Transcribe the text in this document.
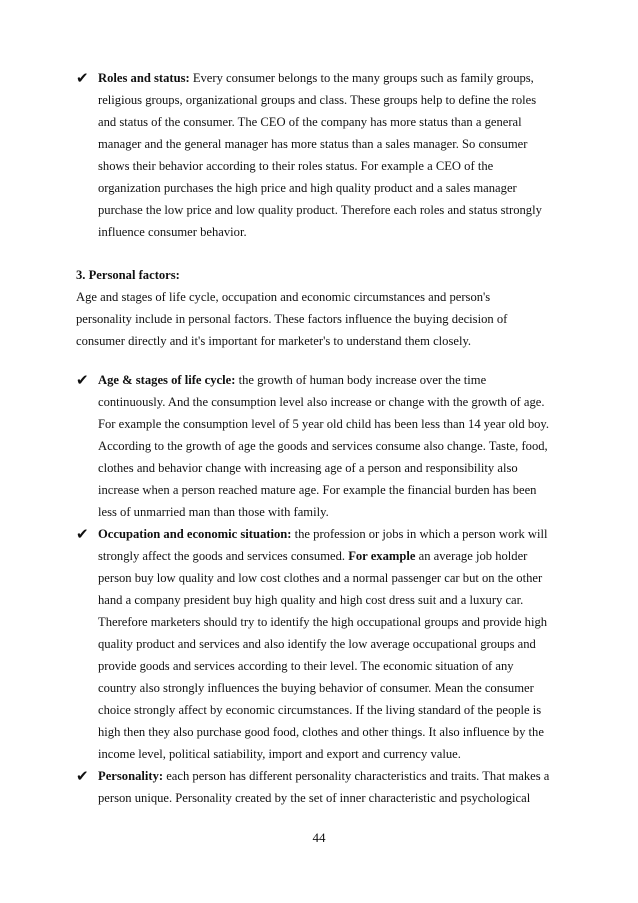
✔ Roles and status: Every consumer belongs to the many groups such as family groups,
religious groups, organizational groups and class. These groups help to define the roles
and status of the consumer. The CEO of the company has more status than a general
manager and the general manager has more status than a sales manager. So consumer
shows their behavior according to their roles status. For example a CEO of the
organization purchases the high price and high quality product and a sales manager
purchase the low price and low quality product. Therefore each roles and status strongly
influence consumer behavior.
3. Personal factors:
Age and stages of life cycle, occupation and economic circumstances and person's
personality include in personal factors. These factors influence the buying decision of
consumer directly and it's important for marketer's to understand them closely.
✔ Age & stages of life cycle: the growth of human body increase over the time
continuously. And the consumption level also increase or change with the growth of age.
For example the consumption level of 5 year old child has been less than 14 year old boy.
According to the growth of age the goods and services consume also change. Taste, food,
clothes and behavior change with increasing age of a person and responsibility also
increase when a person reached mature age. For example the financial burden has been
less of unmarried man than those with family.
✔ Occupation and economic situation: the profession or jobs in which a person work will
strongly affect the goods and services consumed. For example an average job holder
person buy low quality and low cost clothes and a normal passenger car but on the other
hand a company president buy high quality and high cost dress suit and a luxury car.
Therefore marketers should try to identify the high occupational groups and provide high
quality product and services and also identify the low average occupational groups and
provide goods and services according to their level. The economic situation of any
country also strongly influences the buying behavior of consumer. Mean the consumer
choice strongly affect by economic circumstances. If the living standard of the people is
high then they also purchase good food, clothes and other things. It also influence by the
income level, political satiability, import and export and currency value.
✔ Personality: each person has different personality characteristics and traits. That makes a
person unique. Personality created by the set of inner characteristic and psychological
44
